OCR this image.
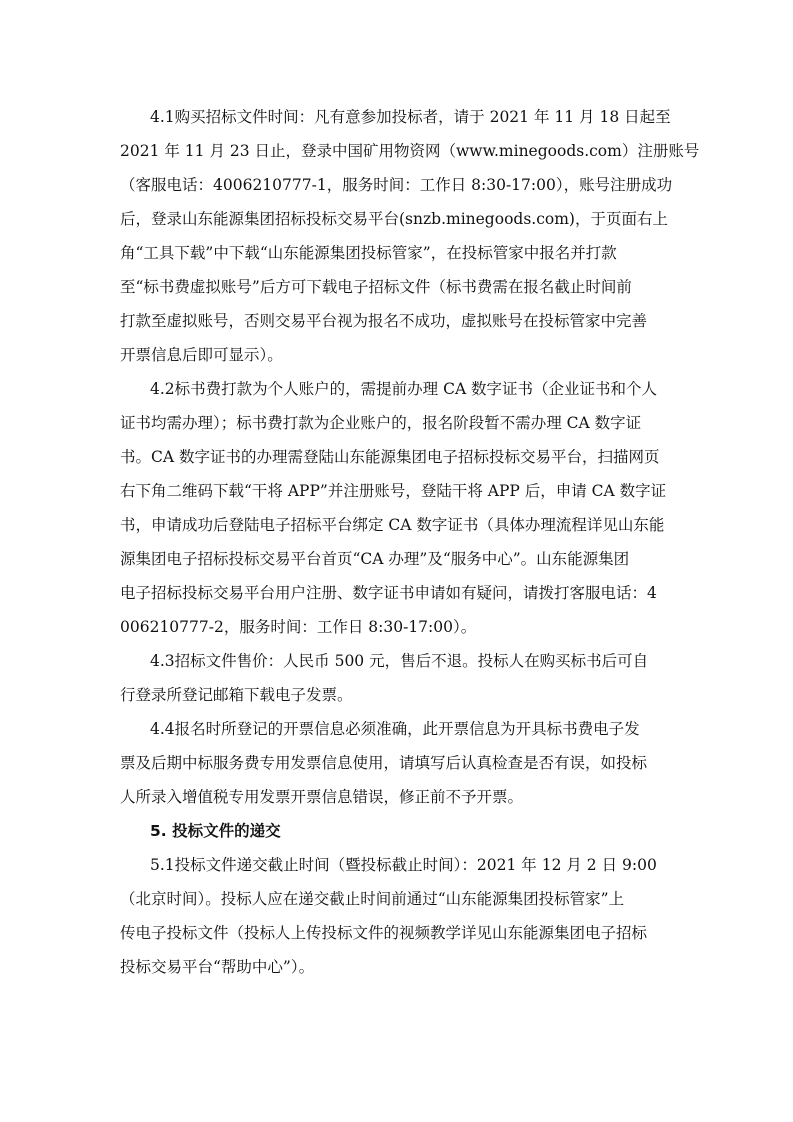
4.1购买招标文件时间：凡有意参加投标者，请于 2021 年 11 月 18 日起至

2021 年 11 月 23 日止，登录中国矿用物资网（www.minegoods.com）注册账号

（客服电话：4006210777-1，服务时间：工作日 8:30-17:00），账号注册成功

后，登录山东能源集团招标投标交易平台(snzb.minegoods.com)，于页面右上

角“工具下载”中下载“山东能源集团投标管家”，在投标管家中报名并打款

至“标书费虚拟账号”后方可下载电子招标文件（标书费需在报名截止时间前

打款至虚拟账号，否则交易平台视为报名不成功，虚拟账号在投标管家中完善

开票信息后即可显示）。

4.2标书费打款为个人账户的，需提前办理 CA 数字证书（企业证书和个人

证书均需办理）；标书费打款为企业账户的，报名阶段暂不需办理 CA 数字证

书。CA 数字证书的办理需登陆山东能源集团电子招标投标交易平台，扫描网页

右下角二维码下载“干将 APP”并注册账号，登陆干将 APP 后，申请 CA 数字证

书，申请成功后登陆电子招标平台绑定 CA 数字证书（具体办理流程详见山东能

源集团电子招标投标交易平台首页“CA 办理”及“服务中心”。山东能源集团

电子招标投标交易平台用户注册、数字证书申请如有疑问，请拨打客服电话：4

006210777-2，服务时间：工作日 8:30-17:00）。

4.3招标文件售价：人民币 500 元，售后不退。投标人在购买标书后可自

行登录所登记邮箱下载电子发票。

4.4报名时所登记的开票信息必须准确，此开票信息为开具标书费电子发

票及后期中标服务费专用发票信息使用，请填写后认真检查是否有误，如投标

人所录入增值税专用发票开票信息错误，修正前不予开票。

5. 投标文件的递交

5.1投标文件递交截止时间（暨投标截止时间）：2021 年 12 月 2 日 9:00

（北京时间）。投标人应在递交截止时间前通过“山东能源集团投标管家”上

传电子投标文件（投标人上传投标文件的视频教学详见山东能源集团电子招标

投标交易平台“帮助中心”）。
